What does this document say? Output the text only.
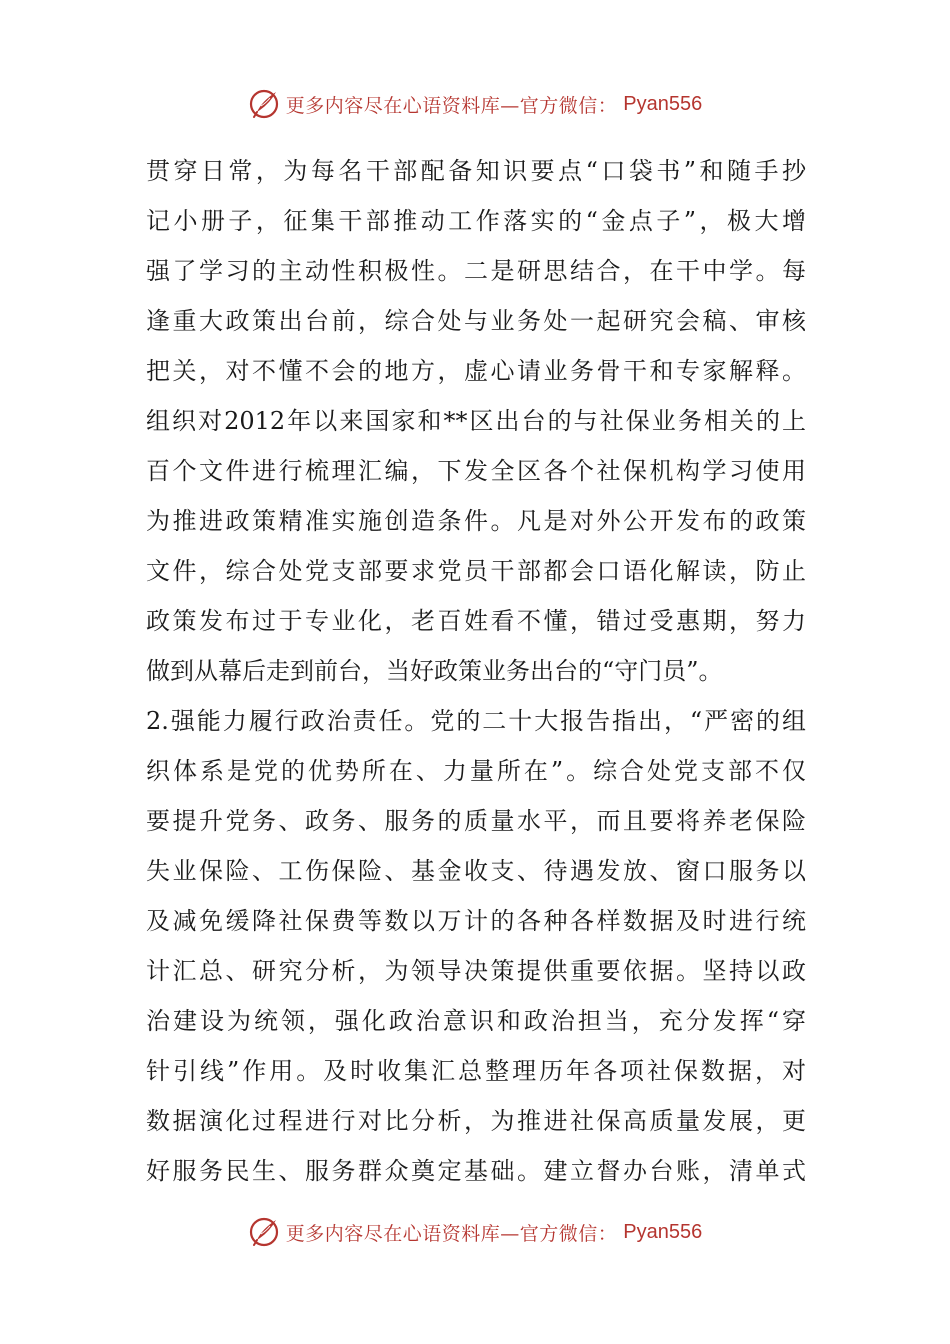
更多内容尽在心语资料库—官方微信： Pyan556
贯穿日常，为每名干部配备知识要点“口袋书”和随手抄
记小册子，征集干部推动工作落实的“金点子”，极大增
强了学习的主动性积极性。二是研思结合，在干中学。每
逢重大政策出台前，综合处与业务处一起研究会稿、审核
把关，对不懂不会的地方，虚心请业务骨干和专家解释。
组织对2012年以来国家和**区出台的与社保业务相关的上
百个文件进行梳理汇编，下发全区各个社保机构学习使用
为推进政策精准实施创造条件。凡是对外公开发布的政策
文件，综合处党支部要求党员干部都会口语化解读，防止
政策发布过于专业化，老百姓看不懂，错过受惠期，努力
做到从幕后走到前台，当好政策业务出台的“守门员”。
2.强能力履行政治责任。党的二十大报告指出，“严密的组
织体系是党的优势所在、力量所在”。综合处党支部不仅
要提升党务、政务、服务的质量水平，而且要将养老保险
失业保险、工伤保险、基金收支、待遇发放、窗口服务以
及减免缓降社保费等数以万计的各种各样数据及时进行统
计汇总、研究分析，为领导决策提供重要依据。坚持以政
治建设为统领，强化政治意识和政治担当，充分发挥“穿
针引线”作用。及时收集汇总整理历年各项社保数据，对
数据演化过程进行对比分析，为推进社保高质量发展，更
好服务民生、服务群众奠定基础。建立督办台账，清单式
更多内容尽在心语资料库—官方微信： Pyan556
